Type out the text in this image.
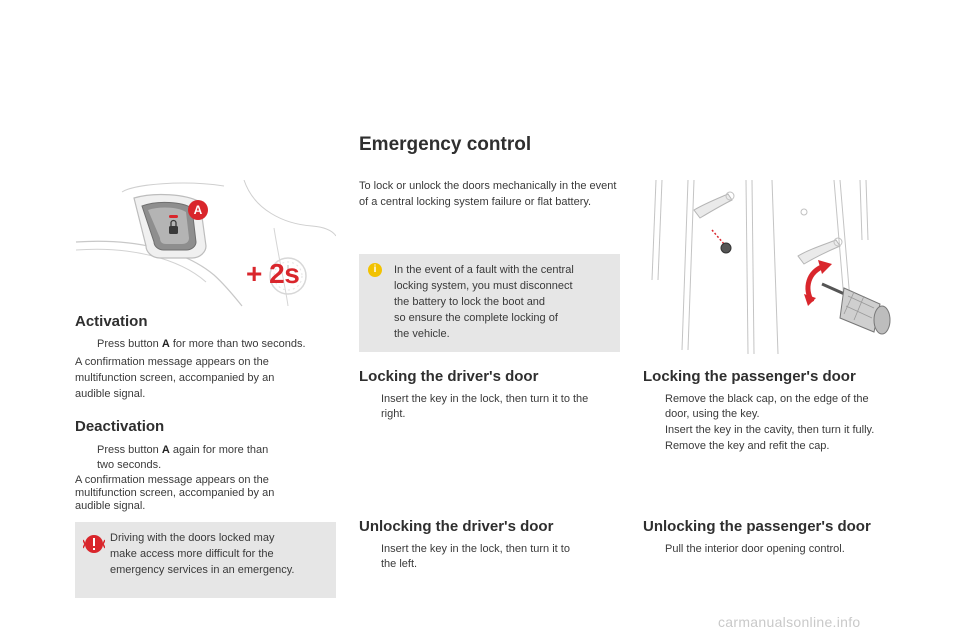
A
+ 2s
Activation
Press button A for more than two seconds.
A confirmation message appears on the
multifunction screen, accompanied by an
audible signal.
Deactivation
Press button A again for more than
two seconds.
A confirmation message appears on the
multifunction screen, accompanied by an
audible signal.
Driving with the doors locked may
make access more difficult for the
emergency services in an emergency.
Emergency control
To lock or unlock the doors mechanically in the event of a central locking system failure or flat battery.
i	In the event of a fault with the central
locking system, you must disconnect
the battery to lock the boot and
so ensure the complete locking of
the vehicle.
Locking the driver's door
Insert the key in the lock, then turn it to the
right.
Unlocking the driver's door
Insert the key in the lock, then turn it to
the left.
Locking the passenger's door
Remove the black cap, on the edge of the
door, using the key.
Insert the key in the cavity, then turn it fully.
Remove the key and refit the cap.
Unlocking the passenger's door
Pull the interior door opening control.
carmanualsonline.info
